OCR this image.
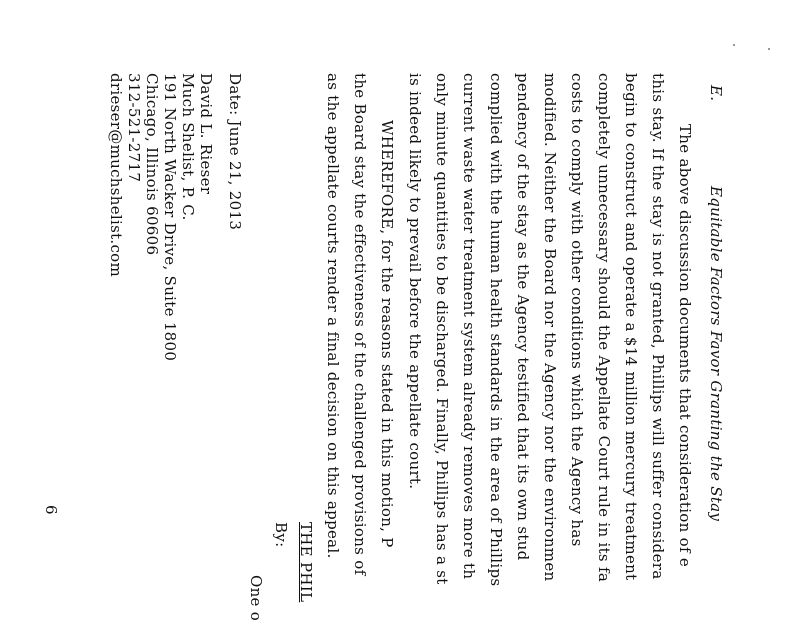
E.
Equitable Factors Favor Granting the Stay
The above discussion documents that consideration of e
this stay. If the stay is not granted, Phillips will suffer considera
begin to construct and operate a $14 million mercury treatment
completely unnecessary should the Appellate Court rule in its fa
costs to comply with other conditions which the Agency has
modified. Neither the Board nor the Agency nor the environmen
pendency of the stay as the Agency testified that its own stud
complied with the human health standards in the area of Phillips
current waste water treatment system already removes more th
only minute quantities to be discharged. Finally, Phillips has a st
is indeed likely to prevail before the appellate court.
WHEREFORE, for the reasons stated in this motion, P
the Board stay the effectiveness of the challenged provisions of
as the appellate courts render a final decision on this appeal.
THE PHIL
By:
One o
Date: June 21, 2013
David L. Rieser
Much Shelist, P. C.
191 North Wacker Drive, Suite 1800
Chicago, Illinois 60606
312-521-2717
drieser@muchshelist.com
6
